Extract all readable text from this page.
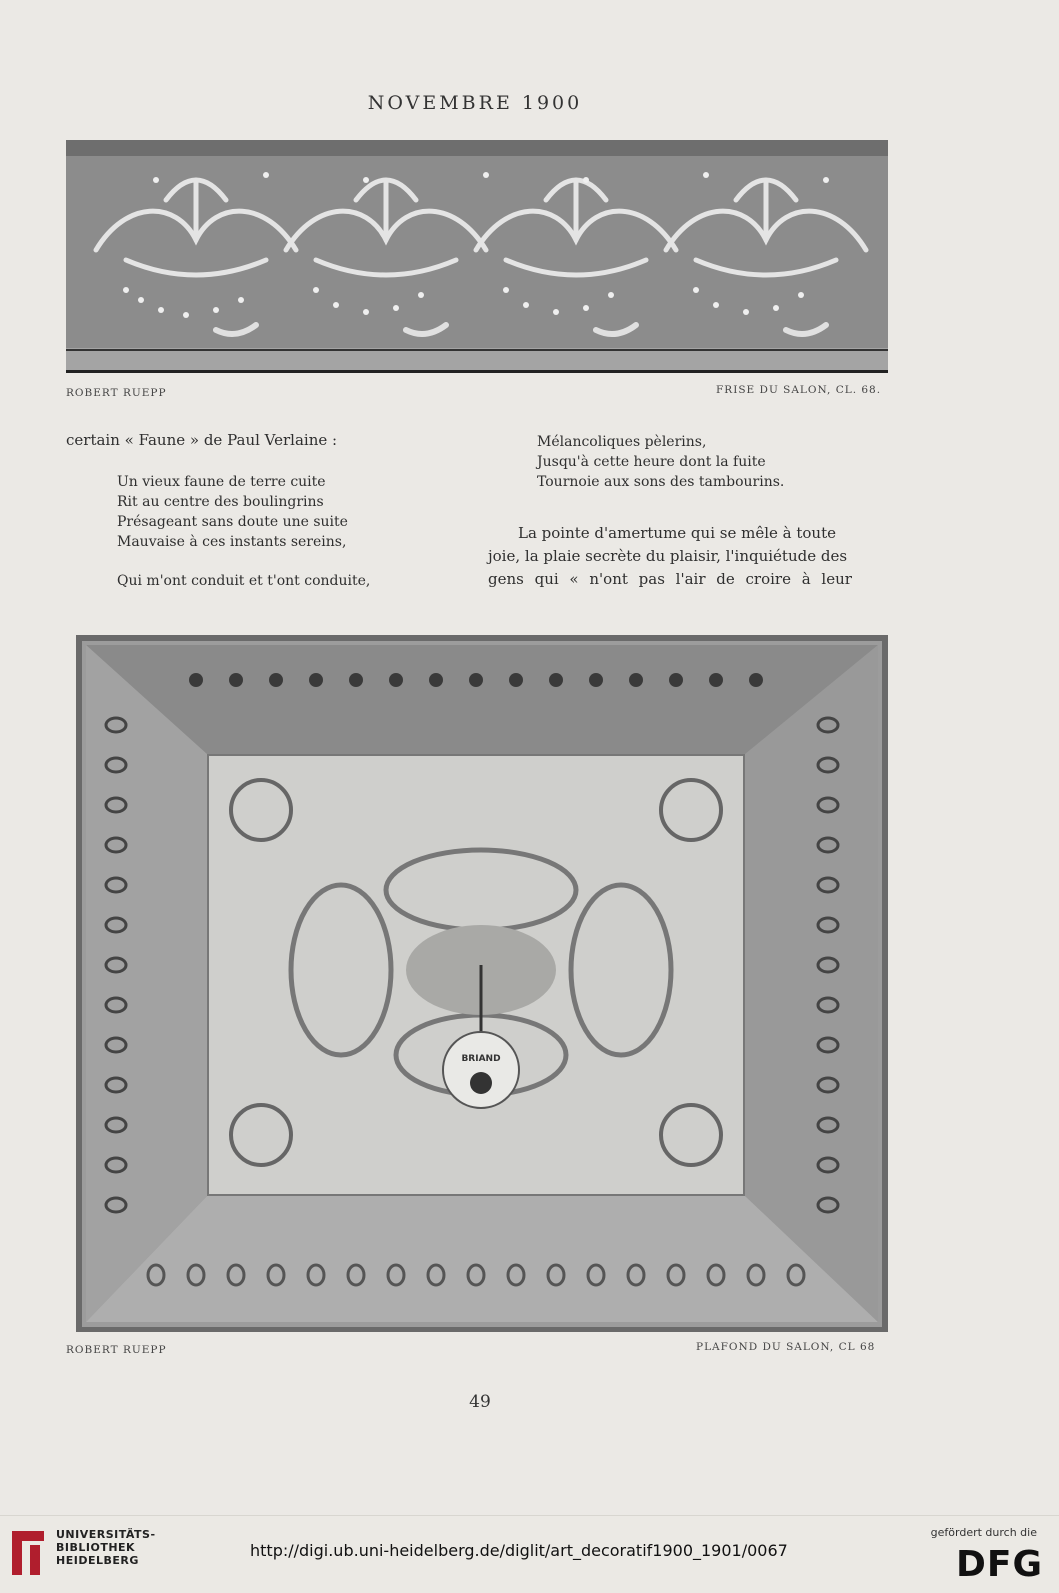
NOVEMBRE 1900
ROBERT RUEPP	FRISE DU SALON, CL. 68.
certain « Faune » de Paul Verlaine :
Un vieux faune de terre cuite
Rit au centre des boulingrins
Présageant sans doute une suite
Mauvaise à ces instants sereins,
Qui m'ont conduit et t'ont conduite,
Mélancoliques pèlerins,
Jusqu'à cette heure dont la fuite
Tournoie aux sons des tambourins.
La pointe d'amertume qui se mêle à toute
joie, la plaie secrète du plaisir, l'inquiétude des
gens qui « n'ont pas l'air de croire à leur
BRIAND
ROBERT RUEPP	PLAFOND DU SALON, CL 68
49
UNIVERSITÄTS-
BIBLIOTHEK
HEIDELBERG
http://digi.ub.uni-heidelberg.de/diglit/art_decoratif1900_1901/0067
gefördert durch die
DFG
